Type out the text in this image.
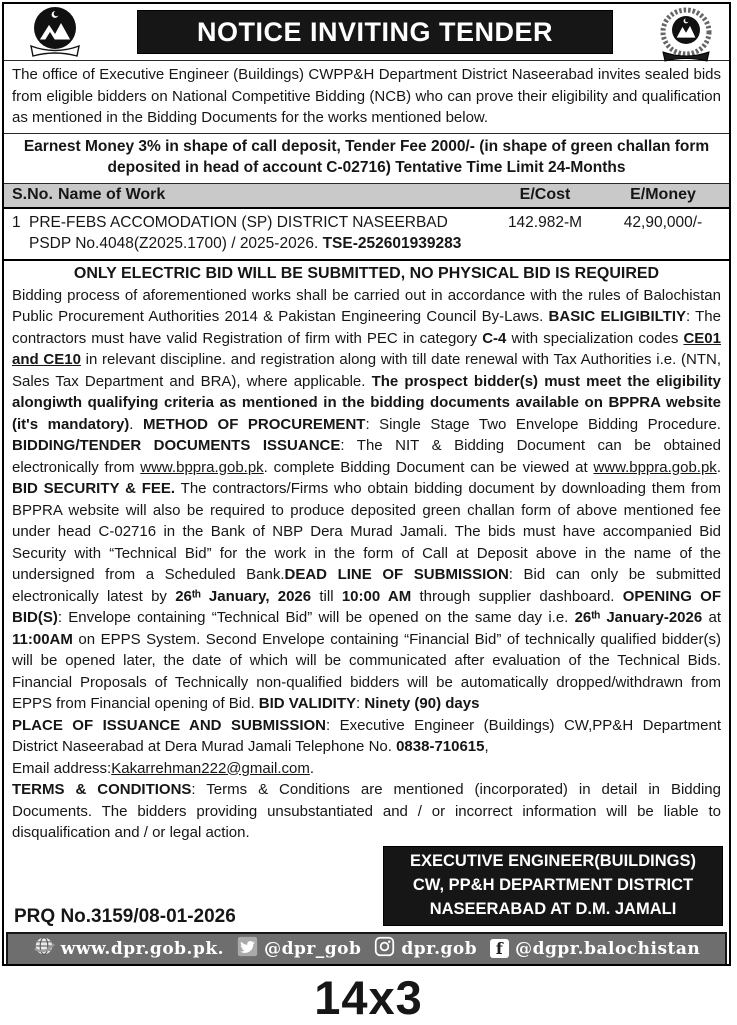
NOTICE INVITING TENDER
The office of Executive Engineer (Buildings) CWPP&H Department District Naseerabad invites sealed bids from eligible bidders on National Competitive Bidding (NCB) who can prove their eligibility and qualification as mentioned in the Bidding Documents for the works mentioned below.
Earnest Money 3% in shape of call deposit, Tender Fee 2000/- (in shape of green challan form deposited in head of account C-02716) Tentative Time Limit 24-Months
S.No. Name of Work	E/Cost	E/Money
1 PRE-FEBS ACCOMODATION (SP) DISTRICT NASEERBAD
PSDP No.4048(Z2025.1700) / 2025-2026. TSE-252601939283
142.982-M	42,90,000/-
ONLY ELECTRIC BID WILL BE SUBMITTED, NO PHYSICAL BID IS REQUIRED
Bidding process of aforementioned works shall be carried out in accordance with the rules of Balochistan Public Procurement Authorities 2014 & Pakistan Engineering Council By-Laws. BASIC ELIGIBILTIY: The contractors must have valid Registration of firm with PEC in category C-4 with specialization codes CE01 and CE10 in relevant discipline. and registration along with till date renewal with Tax Authorities i.e. (NTN, Sales Tax Department and BRA), where applicable. The prospect bidder(s) must meet the eligibility alongiwth qualifying criteria as mentioned in the bidding documents available on BPPRA website (it's mandatory). METHOD OF PROCUREMENT: Single Stage Two Envelope Bidding Procedure. BIDDING/TENDER DOCUMENTS ISSUANCE: The NIT & Bidding Document can be obtained electronically from www.bppra.gob.pk. complete Bidding Document can be viewed at www.bppra.gob.pk. BID SECURITY & FEE. The contractors/Firms who obtain bidding document by downloading them from BPPRA website will also be required to produce deposited green challan form of above mentioned fee under head C-02716 in the Bank of NBP Dera Murad Jamali. The bids must have accompanied Bid Security with “Technical Bid” for the work in the form of Call at Deposit above in the name of the undersigned from a Scheduled Bank.DEAD LINE OF SUBMISSION: Bid can only be submitted electronically latest by 26ᵗʰ January, 2026 till 10:00 AM through supplier dashboard. OPENING OF BID(S): Envelope containing “Technical Bid” will be opened on the same day i.e. 26ᵗʰ January-2026 at 11:00AM on EPPS System. Second Envelope containing “Financial Bid” of technically qualified bidder(s) will be opened later, the date of which will be communicated after evaluation of the Technical Bids. Financial Proposals of Technically non-qualified bidders will be automatically dropped/withdrawn from EPPS from Financial opening of Bid. BID VALIDITY: Ninety (90) days
PLACE OF ISSUANCE AND SUBMISSION: Executive Engineer (Buildings) CW,PP&H Department District Naseerabad at Dera Murad Jamali Telephone No. 0838-710615,
Email address:Kakarrehman222@gmail.com.
TERMS & CONDITIONS: Terms & Conditions are mentioned (incorporated) in detail in Bidding Documents. The bidders providing unsubstantiated and / or incorrect information will be liable to disqualification and / or legal action.
PRQ No.3159/08-01-2026
EXECUTIVE ENGINEER(BUILDINGS)
CW, PP&H DEPARTMENT DISTRICT
NASEERABAD AT D.M. JAMALI
www.dpr.gob.pk. @dpr_gob dpr.gob f @dgpr.balochistan
14x3
